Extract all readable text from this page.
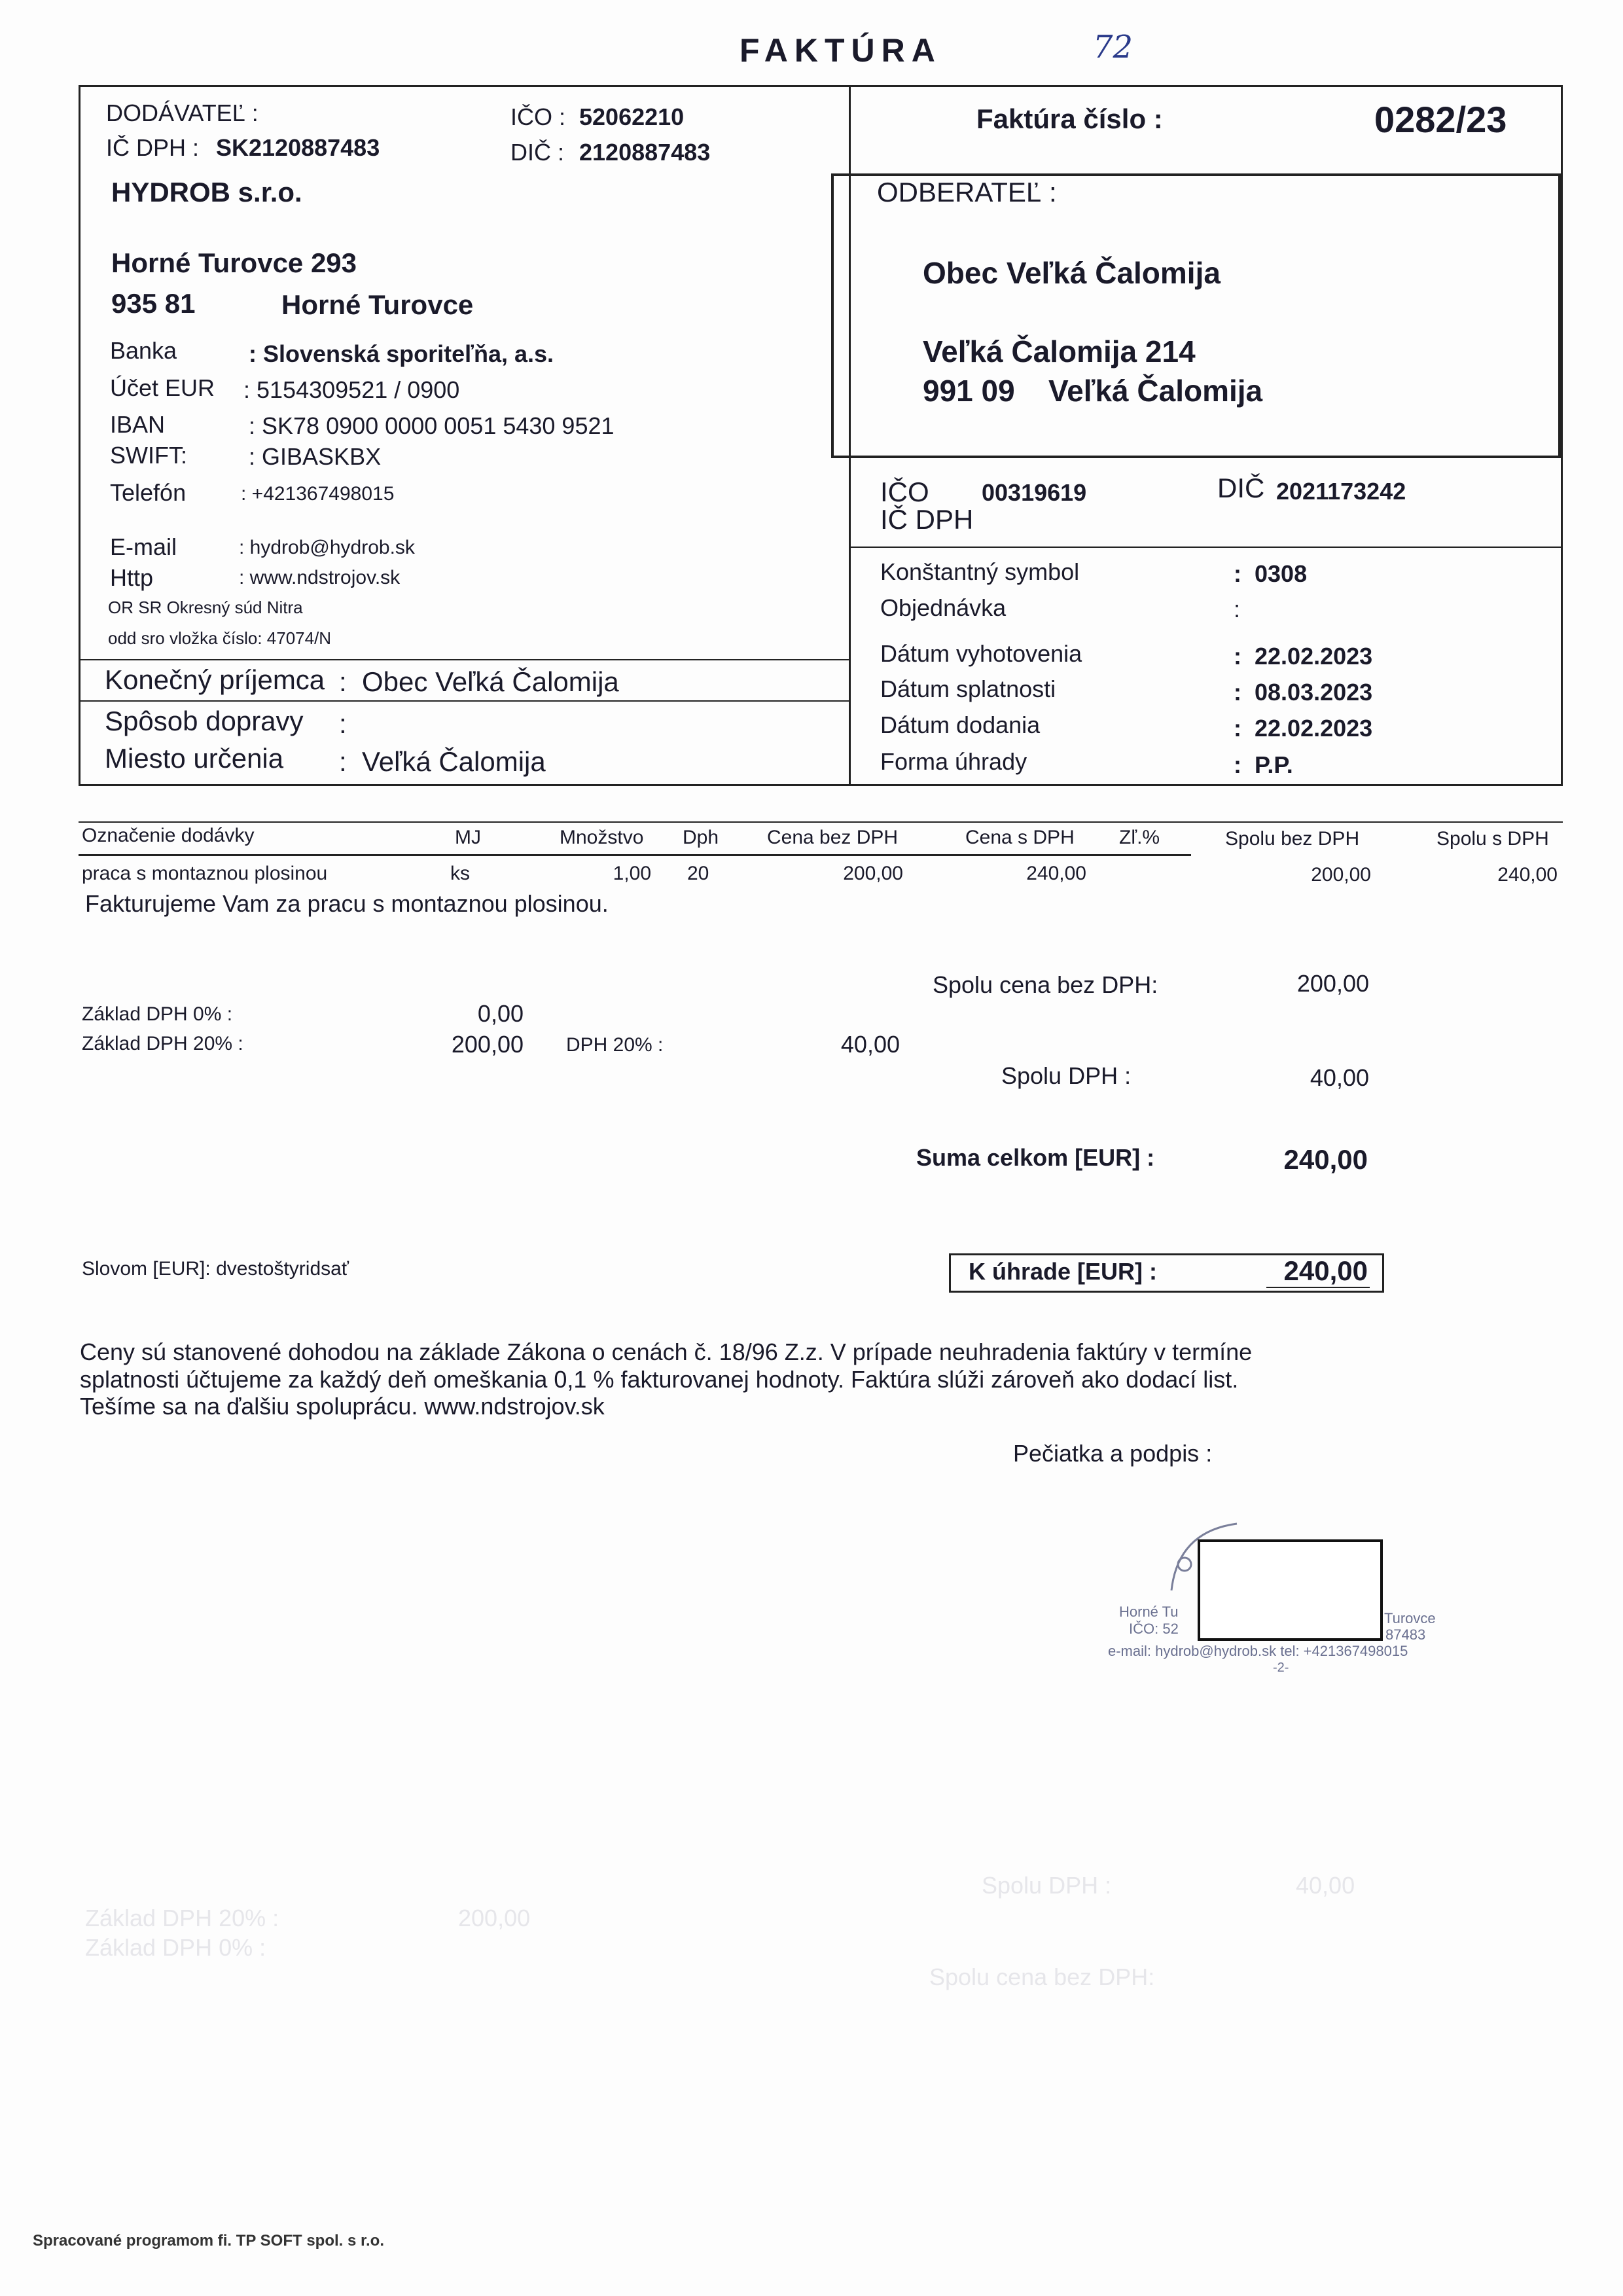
FAKTÚRA	72
DODÁVATEĽ :
IČ DPH : SK2120887483
IČO : 52062210
DIČ : 2120887483
HYDROB s.r.o.
Horné Turovce 293
935 81	Horné Turovce
Banka	: Slovenská sporiteľňa, a.s.
Účet EUR : 5154309521 / 0900
IBAN	: SK78 0900 0000 0051 5430 9521
SWIFT:	: GIBASKBX
Telefón	: +421367498015
E-mail	: hydrob@hydrob.sk
Http	: www.ndstrojov.sk
OR SR Okresný súd Nitra
odd sro vložka číslo: 47074/N
Konečný príjemca :  Obec Veľká Čalomija
Spôsob dopravy :
Miesto určenia :  Veľká Čalomija
Faktúra číslo :	0282/23
ODBERATEĽ :
Obec Veľká Čalomija
Veľká Čalomija 214
991 09 Veľká Čalomija
IČO 00319619
IČ DPH
DIČ 2021173242
Konštantný symbol	:  0308
Objednávka	:
Dátum vyhotovenia	:  22.02.2023
Dátum splatnosti	:  08.03.2023
Dátum dodania	:  22.02.2023
Forma úhrady	:  P.P.
Označenie dodávky	MJ	Množstvo Dph Cena bez DPH	Cena s DPH Zľ.%	Spolu bez DPH	Spolu s DPH
praca s montaznou plosinou	ks	1,00 20	200,00	240,00	200,00	240,00
Fakturujeme Vam za pracu s montaznou plosinou.
Základ DPH 0% :	0,00
Základ DPH 20% :	200,00 DPH 20% :	40,00
Spolu cena bez DPH:	200,00
Spolu DPH :	40,00
Suma celkom [EUR] :	240,00
Slovom [EUR]: dvestoštyridsať	K úhrade [EUR] :	240,00
Ceny sú stanovené dohodou na základe Zákona o cenách č. 18/96 Z.z. V prípade neuhradenia faktúry v termíne
splatnosti účtujeme za každý deň omeškania 0,1 % fakturovanej hodnoty. Faktúra slúži zároveň ako dodací list.
Tešíme sa na ďalšiu spoluprácu. www.ndstrojov.sk
Pečiatka a podpis :
Horné Tu	Turovce
IČO: 52	87483
e-mail: hydrob@hydrob.sk tel: +421367498015
-2-
Spolu DPH :	40,00
Základ DPH 20% :	200,00
Základ DPH 0% :
Spolu cena bez DPH:
Spracované programom fi. TP SOFT spol. s r.o.
